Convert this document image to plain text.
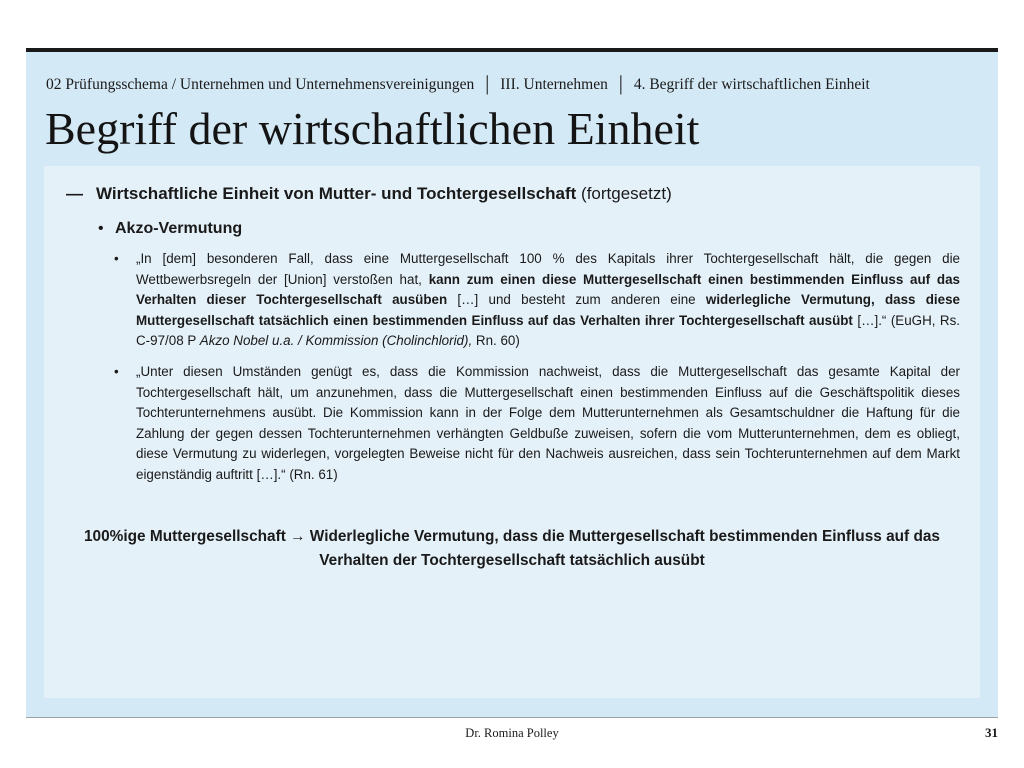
02 Prüfungsschema / Unternehmen und Unternehmensvereinigungen | III. Unternehmen | 4. Begriff der wirtschaftlichen Einheit
Begriff der wirtschaftlichen Einheit
— Wirtschaftliche Einheit von Mutter- und Tochtergesellschaft (fortgesetzt)
• Akzo-Vermutung

• „In [dem] besonderen Fall, dass eine Muttergesellschaft 100 % des Kapitals ihrer Tochtergesellschaft hält, die gegen die Wettbewerbsregeln der [Union] verstoßen hat, kann zum einen diese Muttergesellschaft einen bestimmenden Einfluss auf das Verhalten dieser Tochtergesellschaft ausüben […] und besteht zum anderen eine widerlegliche Vermutung, dass diese Muttergesellschaft tatsächlich einen bestimmenden Einfluss auf das Verhalten ihrer Tochtergesellschaft ausübt […].“ (EuGH, Rs. C-97/08 P Akzo Nobel u.a. / Kommission (Cholinchlorid), Rn. 60)

• „Unter diesen Umständen genügt es, dass die Kommission nachweist, dass die Muttergesellschaft das gesamte Kapital der Tochtergesellschaft hält, um anzunehmen, dass die Muttergesellschaft einen bestimmenden Einfluss auf die Geschäftspolitik dieses Tochterunternehmens ausübt. Die Kommission kann in der Folge dem Mutterunternehmen als Gesamtschuldner die Haftung für die Zahlung der gegen dessen Tochterunternehmen verhängten Geldbuße zuweisen, sofern die vom Mutterunternehmen, dem es obliegt, diese Vermutung zu widerlegen, vorgelegten Beweise nicht für den Nachweis ausreichen, dass sein Tochterunternehmen auf dem Markt eigenständig auftritt […].“ (Rn. 61)

100%ige Muttergesellschaft → Widerlegliche Vermutung, dass die Muttergesellschaft bestimmenden Einfluss auf das Verhalten der Tochtergesellschaft tatsächlich ausübt

Dr. Romina Polley	31
